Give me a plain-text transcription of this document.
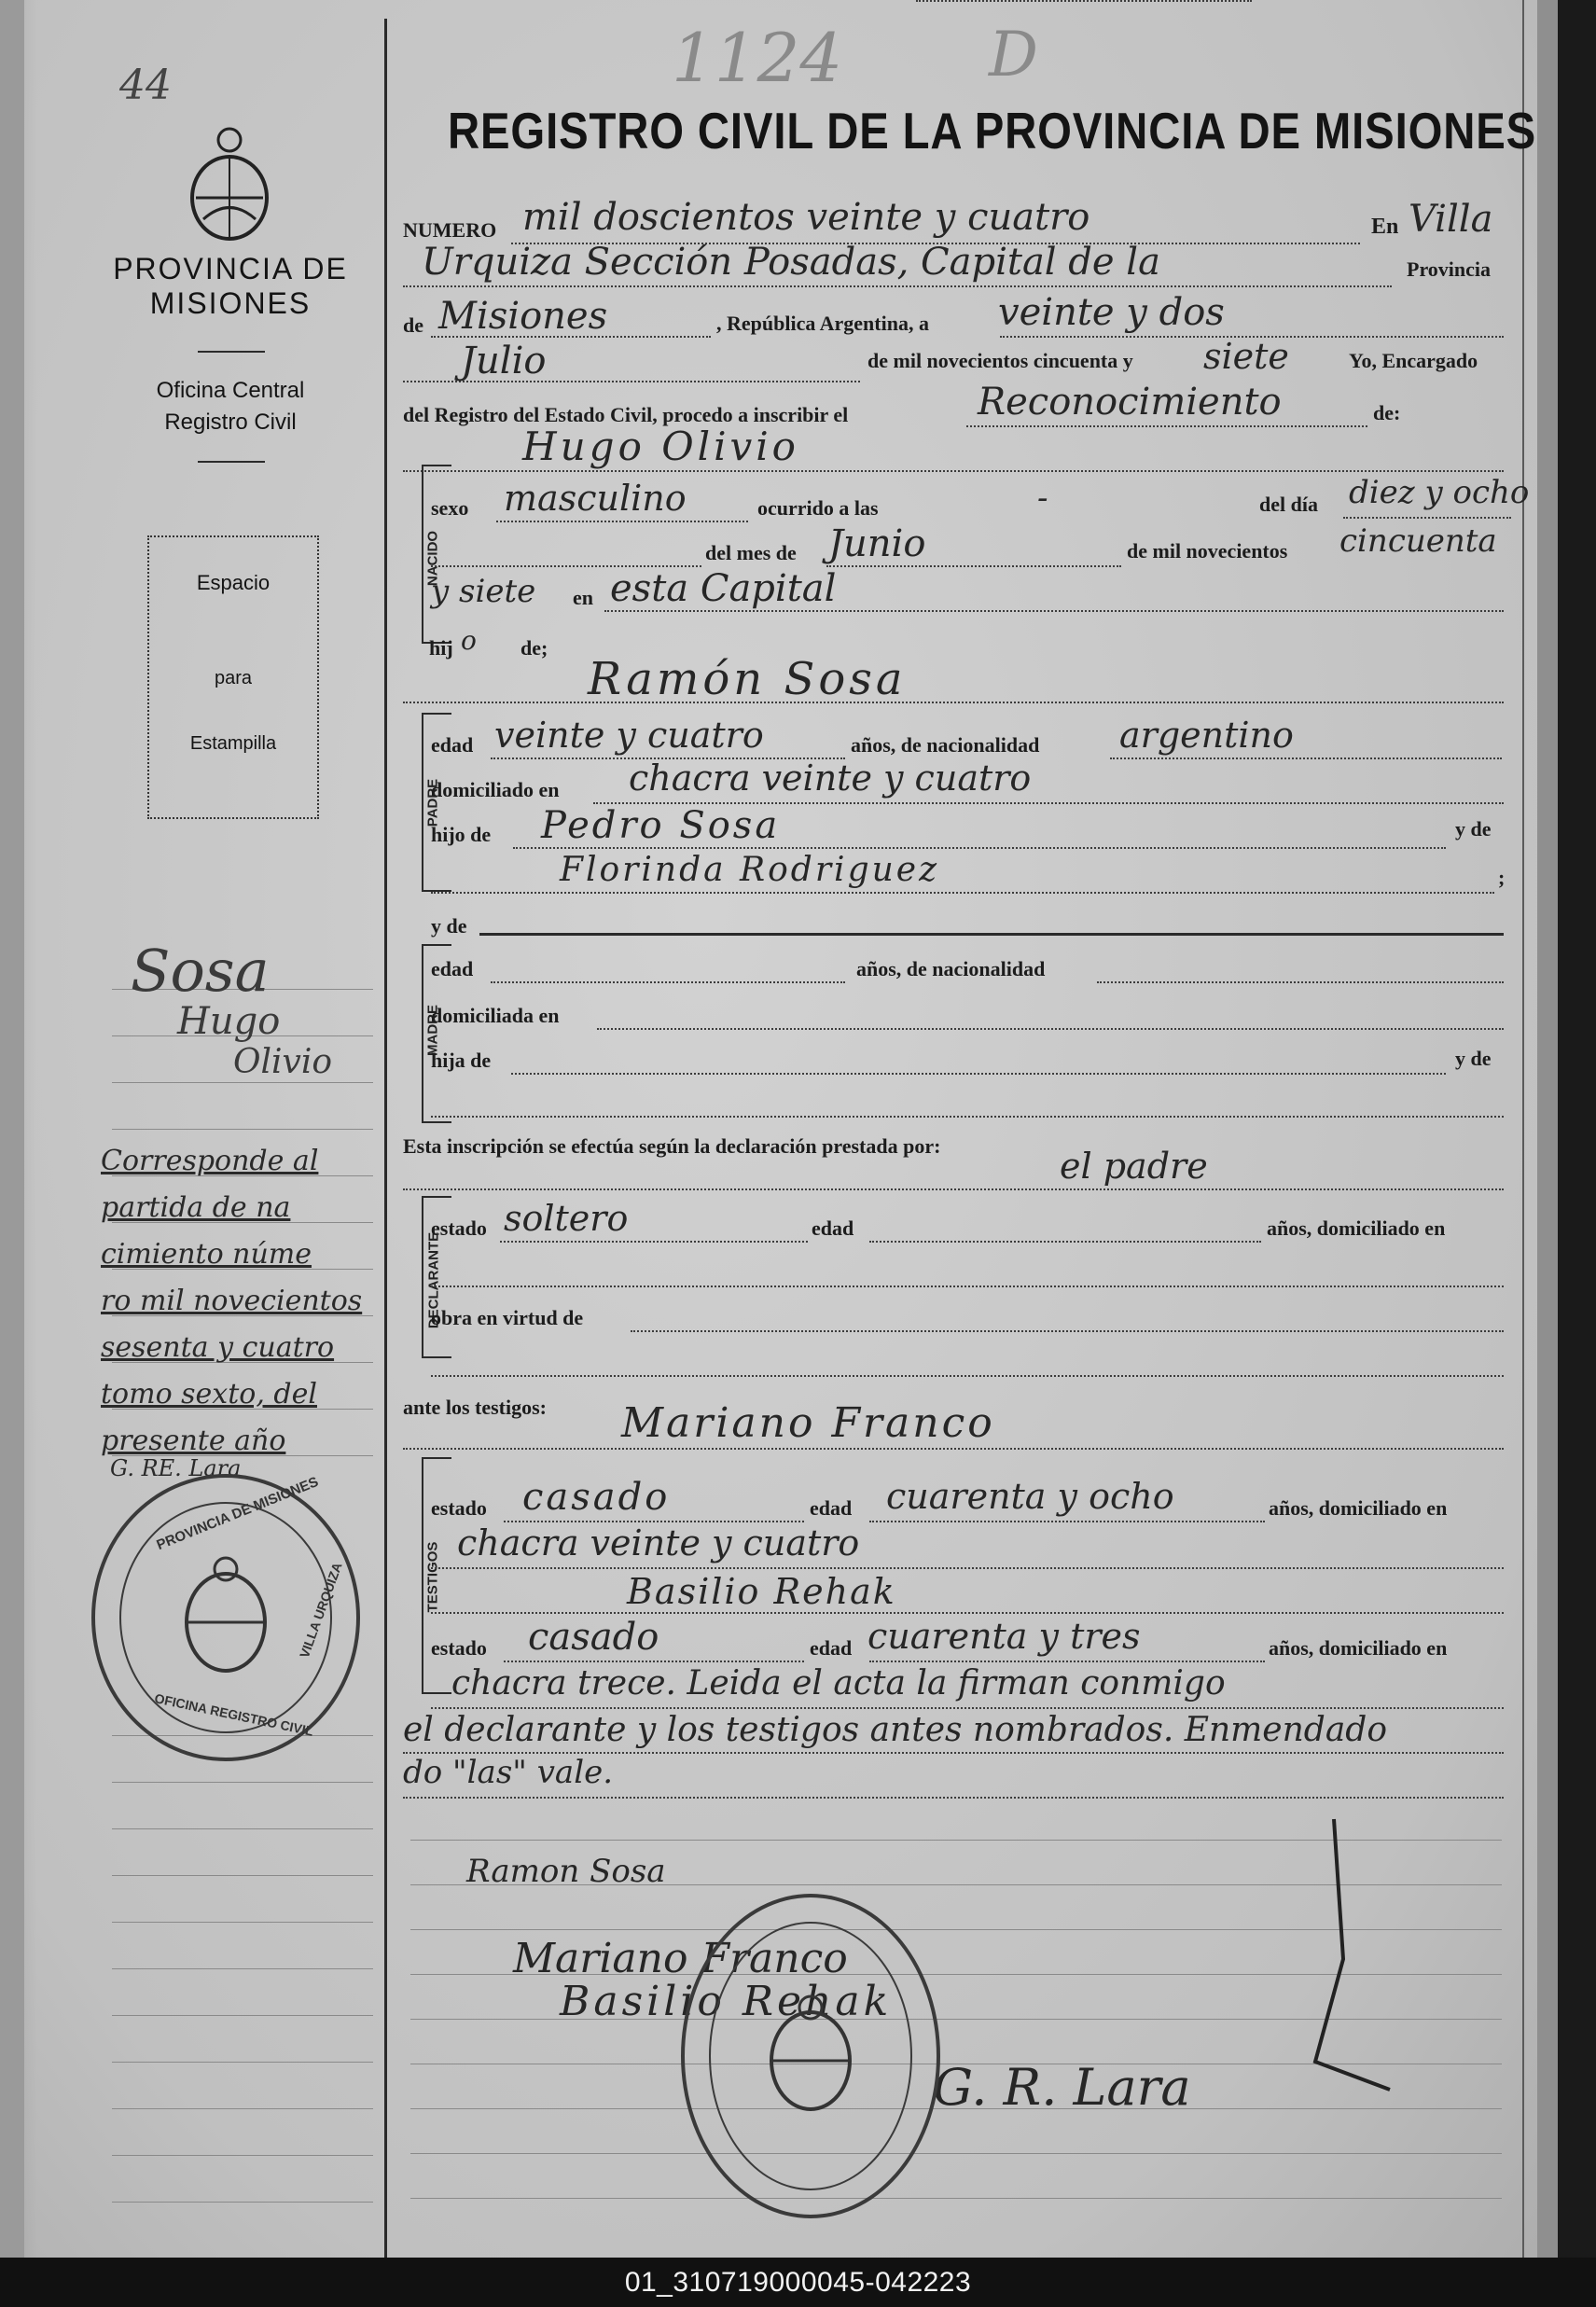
44	1124 D
REGISTRO CIVIL DE LA PROVINCIA DE MISIONES
PROVINCIA DE
MISIONES
Oficina Central
Registro Civil
Espacio
para
Estampilla
Sosa
Hugo
Olivio
Corresponde al
partida de na
cimiento núme
ro mil novecientos
sesenta y cuatro
tomo sexto, del
presente año
G. RE. Lara
PROVINCIA DE MISIONES
OFICINA REGISTRO CIVIL
VILLA URQUIZA
NUMERO mil doscientos veinte y cuatro	En Villa
Urquiza Sección Posadas, Capital de la	Provincia
de Misiones	, República Argentina, a veinte y dos
Julio	de mil novecientos cincuenta y siete	Yo, Encargado
del Registro del Estado Civil, procedo a inscribir el	Reconocimiento	de:
Hugo Olivio
NACIDO
sexo masculino	ocurrido a las	-	del día diez y ocho
del mes de Junio	de mil novecientos cincuenta
y siete en esta Capital
hij o de;
Ramón Sosa
PADRE
edad veinte y cuatro	años, de nacionalidad argentino
domiciliado en chacra veinte y cuatro
hijo de Pedro Sosa	y de
Florinda Rodriguez	;
y de
MADRE
edad	años, de nacionalidad
domiciliada en
hija de	y de
Esta inscripción se efectúa según la declaración prestada por:	el padre
DECLARANTE
estado soltero	edad	años, domiciliado en
obra en virtud de
ante los testigos: Mariano Franco
TESTIGOS
estado casado	edad cuarenta y ocho	años, domiciliado en
chacra veinte y cuatro
Basilio Rehak
estado casado	edad cuarenta y tres	años, domiciliado en
chacra trece. Leida el acta la firman conmigo
el declarante y los testigos antes nombrados. Enmendado
do "las" vale.
Ramon Sosa
Mariano Franco
Basilio Rehak
G. R. Lara
01_310719000045-042223
